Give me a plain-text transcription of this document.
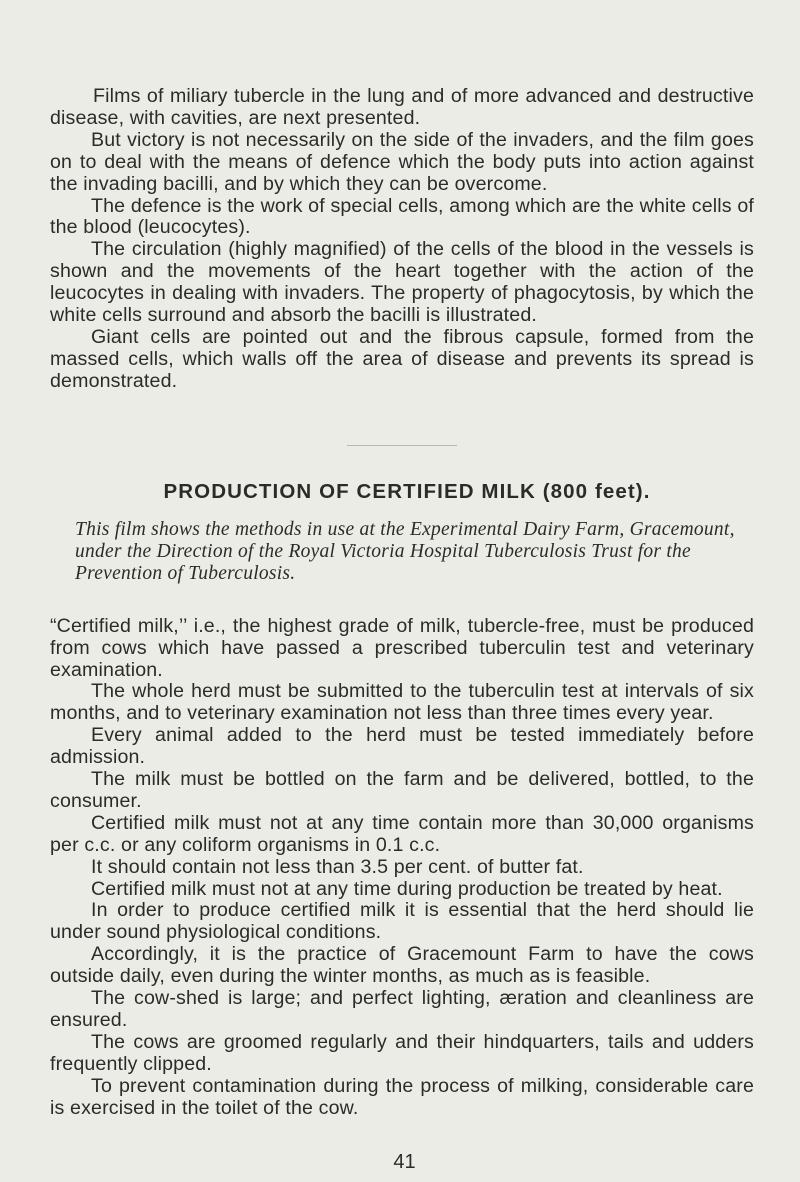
Films of miliary tubercle in the lung and of more advanced and destructive disease, with cavities, are next presented.

But victory is not necessarily on the side of the invaders, and the film goes on to deal with the means of defence which the body puts into action against the invading bacilli, and by which they can be overcome.

The defence is the work of special cells, among which are the white cells of the blood (leucocytes).

The circulation (highly magnified) of the cells of the blood in the vessels is shown and the movements of the heart together with the action of the leucocytes in dealing with invaders. The property of phagocytosis, by which the white cells surround and absorb the bacilli is illustrated.

Giant cells are pointed out and the fibrous capsule, formed from the massed cells, which walls off the area of disease and prevents its spread is demonstrated.

PRODUCTION OF CERTIFIED MILK (800 feet).

This film shows the methods in use at the Experimental Dairy Farm, Gracemount, under the Direction of the Royal Victoria Hospital Tuberculosis Trust for the Prevention of Tuberculosis.

“Certified milk,’’ i.e., the highest grade of milk, tubercle-free, must be produced from cows which have passed a prescribed tuberculin test and veterinary examination.

The whole herd must be submitted to the tuberculin test at intervals of six months, and to veterinary examination not less than three times every year.

Every animal added to the herd must be tested immediately before admission.

The milk must be bottled on the farm and be delivered, bottled, to the consumer.

Certified milk must not at any time contain more than 30,000 organisms per c.c. or any coliform organisms in 0.1 c.c.

It should contain not less than 3.5 per cent. of butter fat.

Certified milk must not at any time during production be treated by heat.

In order to produce certified milk it is essential that the herd should lie under sound physiological conditions.

Accordingly, it is the practice of Gracemount Farm to have the cows outside daily, even during the winter months, as much as is feasible.

The cow-shed is large; and perfect lighting, æration and cleanliness are ensured.

The cows are groomed regularly and their hindquarters, tails and udders frequently clipped.

To prevent contamination during the process of milking, considerable care is exercised in the toilet of the cow.

41
